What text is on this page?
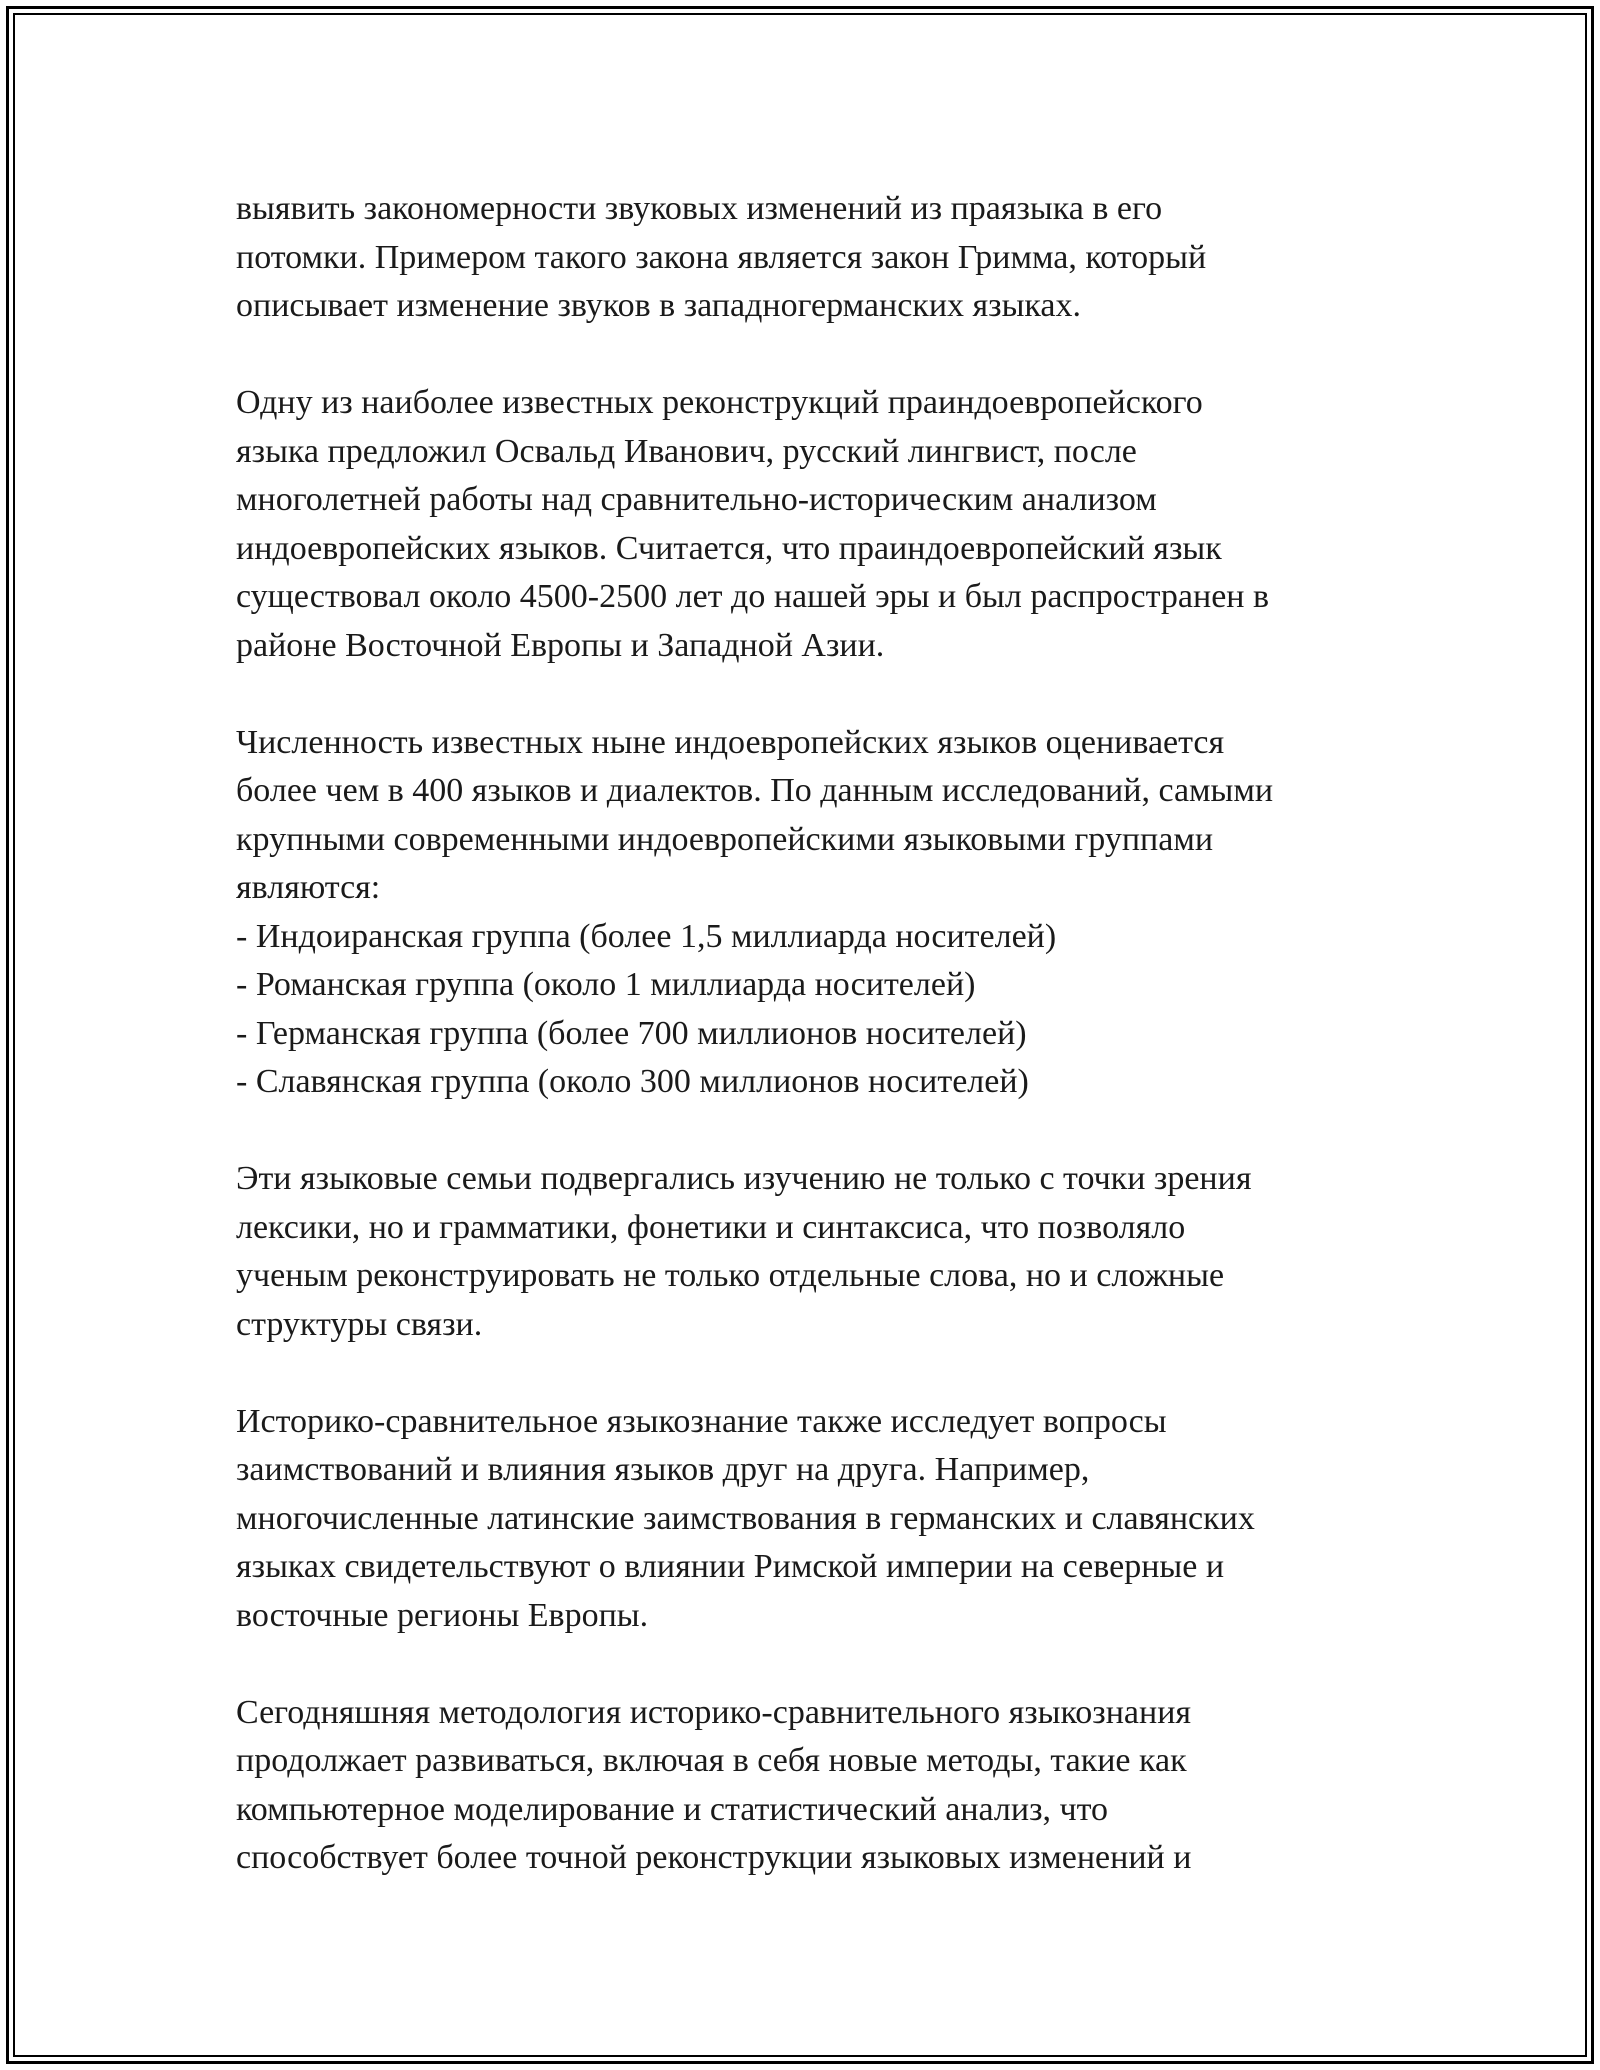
выявить закономерности звуковых изменений из праязыка в его
потомки. Примером такого закона является закон Гримма, который
описывает изменение звуков в западногерманских языках.
Одну из наиболее известных реконструкций праиндоевропейского
языка предложил Освальд Иванович, русский лингвист, после
многолетней работы над сравнительно-историческим анализом
индоевропейских языков. Считается, что праиндоевропейский язык
существовал около 4500-2500 лет до нашей эры и был распространен в
районе Восточной Европы и Западной Азии.
Численность известных ныне индоевропейских языков оценивается
более чем в 400 языков и диалектов. По данным исследований, самыми
крупными современными индоевропейскими языковыми группами
являются:
- Индоиранская группа (более 1,5 миллиарда носителей)
- Романская группа (около 1 миллиарда носителей)
- Германская группа (более 700 миллионов носителей)
- Славянская группа (около 300 миллионов носителей)
Эти языковые семьи подвергались изучению не только с точки зрения
лексики, но и грамматики, фонетики и синтаксиса, что позволяло
ученым реконструировать не только отдельные слова, но и сложные
структуры связи.
Историко-сравнительное языкознание также исследует вопросы
заимствований и влияния языков друг на друга. Например,
многочисленные латинские заимствования в германских и славянских
языках свидетельствуют о влиянии Римской империи на северные и
восточные регионы Европы.
Сегодняшняя методология историко-сравнительного языкознания
продолжает развиваться, включая в себя новые методы, такие как
компьютерное моделирование и статистический анализ, что
способствует более точной реконструкции языковых изменений и
